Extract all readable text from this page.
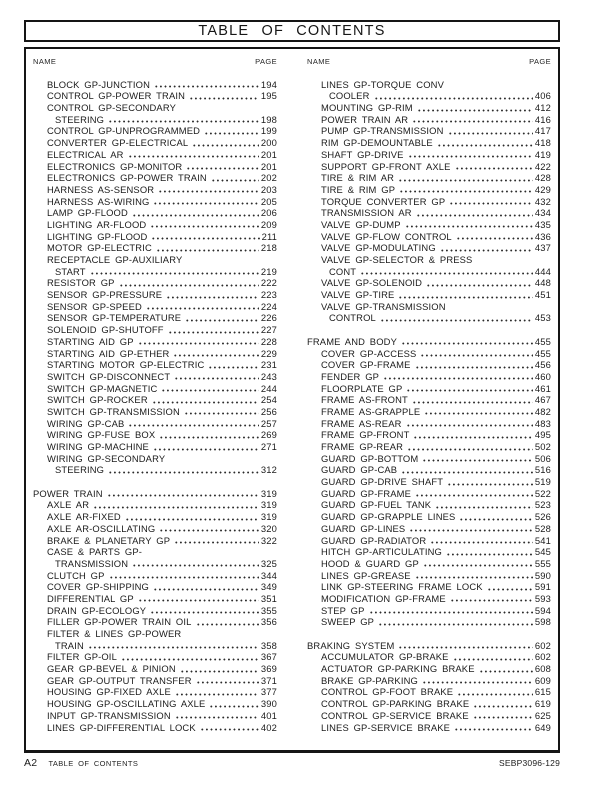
TABLE OF CONTENTS
NAME	PAGE
BLOCK GP-JUNCTION	194
CONTROL GP-POWER TRAIN	195
CONTROL GP-SECONDARY
STEERING	198
CONTROL GP-UNPROGRAMMED	199
CONVERTER GP-ELECTRICAL	200
ELECTRICAL AR	201
ELECTRONICS GP-MONITOR	201
ELECTRONICS GP-POWER TRAIN	202
HARNESS AS-SENSOR	203
HARNESS AS-WIRING	205
LAMP GP-FLOOD	206
LIGHTING AR-FLOOD	209
LIGHTING GP-FLOOD	211
MOTOR GP-ELECTRIC	218
RECEPTACLE GP-AUXILIARY
START	219
RESISTOR GP	222
SENSOR GP-PRESSURE	223
SENSOR GP-SPEED	224
SENSOR GP-TEMPERATURE	226
SOLENOID GP-SHUTOFF	227
STARTING AID GP	228
STARTING AID GP-ETHER	229
STARTING MOTOR GP-ELECTRIC	231
SWITCH GP-DISCONNECT	243
SWITCH GP-MAGNETIC	244
SWITCH GP-ROCKER	254
SWITCH GP-TRANSMISSION	256
WIRING GP-CAB	257
WIRING GP-FUSE BOX	269
WIRING GP-MACHINE	271
WIRING GP-SECONDARY
STEERING	312
POWER TRAIN	319
AXLE AR	319
AXLE AR-FIXED	319
AXLE AR-OSCILLATING	320
BRAKE & PLANETARY GP	322
CASE & PARTS GP-
TRANSMISSION	325
CLUTCH GP	344
COVER GP-SHIPPING	349
DIFFERENTIAL GP	351
DRAIN GP-ECOLOGY	355
FILLER GP-POWER TRAIN OIL	356
FILTER & LINES GP-POWER
TRAIN	358
FILTER GP-OIL	367
GEAR GP-BEVEL & PINION	369
GEAR GP-OUTPUT TRANSFER	371
HOUSING GP-FIXED AXLE	377
HOUSING GP-OSCILLATING AXLE	390
INPUT GP-TRANSMISSION	401
LINES GP-DIFFERENTIAL LOCK	402
NAME	PAGE
LINES GP-TORQUE CONV
COOLER	406
MOUNTING GP-RIM	412
POWER TRAIN AR	416
PUMP GP-TRANSMISSION	417
RIM GP-DEMOUNTABLE	418
SHAFT GP-DRIVE	419
SUPPORT GP-FRONT AXLE	422
TIRE & RIM AR	428
TIRE & RIM GP	429
TORQUE CONVERTER GP	432
TRANSMISSION AR	434
VALVE GP-DUMP	435
VALVE GP-FLOW CONTROL	436
VALVE GP-MODULATING	437
VALVE GP-SELECTOR & PRESS
CONT	444
VALVE GP-SOLENOID	448
VALVE GP-TIRE	451
VALVE GP-TRANSMISSION
CONTROL	453
FRAME AND BODY	455
COVER GP-ACCESS	455
COVER GP-FRAME	456
FENDER GP	460
FLOORPLATE GP	461
FRAME AS-FRONT	467
FRAME AS-GRAPPLE	482
FRAME AS-REAR	483
FRAME GP-FRONT	495
FRAME GP-REAR	502
GUARD GP-BOTTOM	506
GUARD GP-CAB	516
GUARD GP-DRIVE SHAFT	519
GUARD GP-FRAME	522
GUARD GP-FUEL TANK	523
GUARD GP-GRAPPLE LINES	526
GUARD GP-LINES	528
GUARD GP-RADIATOR	541
HITCH GP-ARTICULATING	545
HOOD & GUARD GP	555
LINES GP-GREASE	590
LINK GP-STEERING FRAME LOCK	591
MODIFICATION GP-FRAME	593
STEP GP	594
SWEEP GP	598
BRAKING SYSTEM	602
ACCUMULATOR GP-BRAKE	602
ACTUATOR GP-PARKING BRAKE	608
BRAKE GP-PARKING	609
CONTROL GP-FOOT BRAKE	615
CONTROL GP-PARKING BRAKE	619
CONTROL GP-SERVICE BRAKE	625
LINES GP-SERVICE BRAKE	649
A2 TABLE OF CONTENTS	SEBP3096-129
